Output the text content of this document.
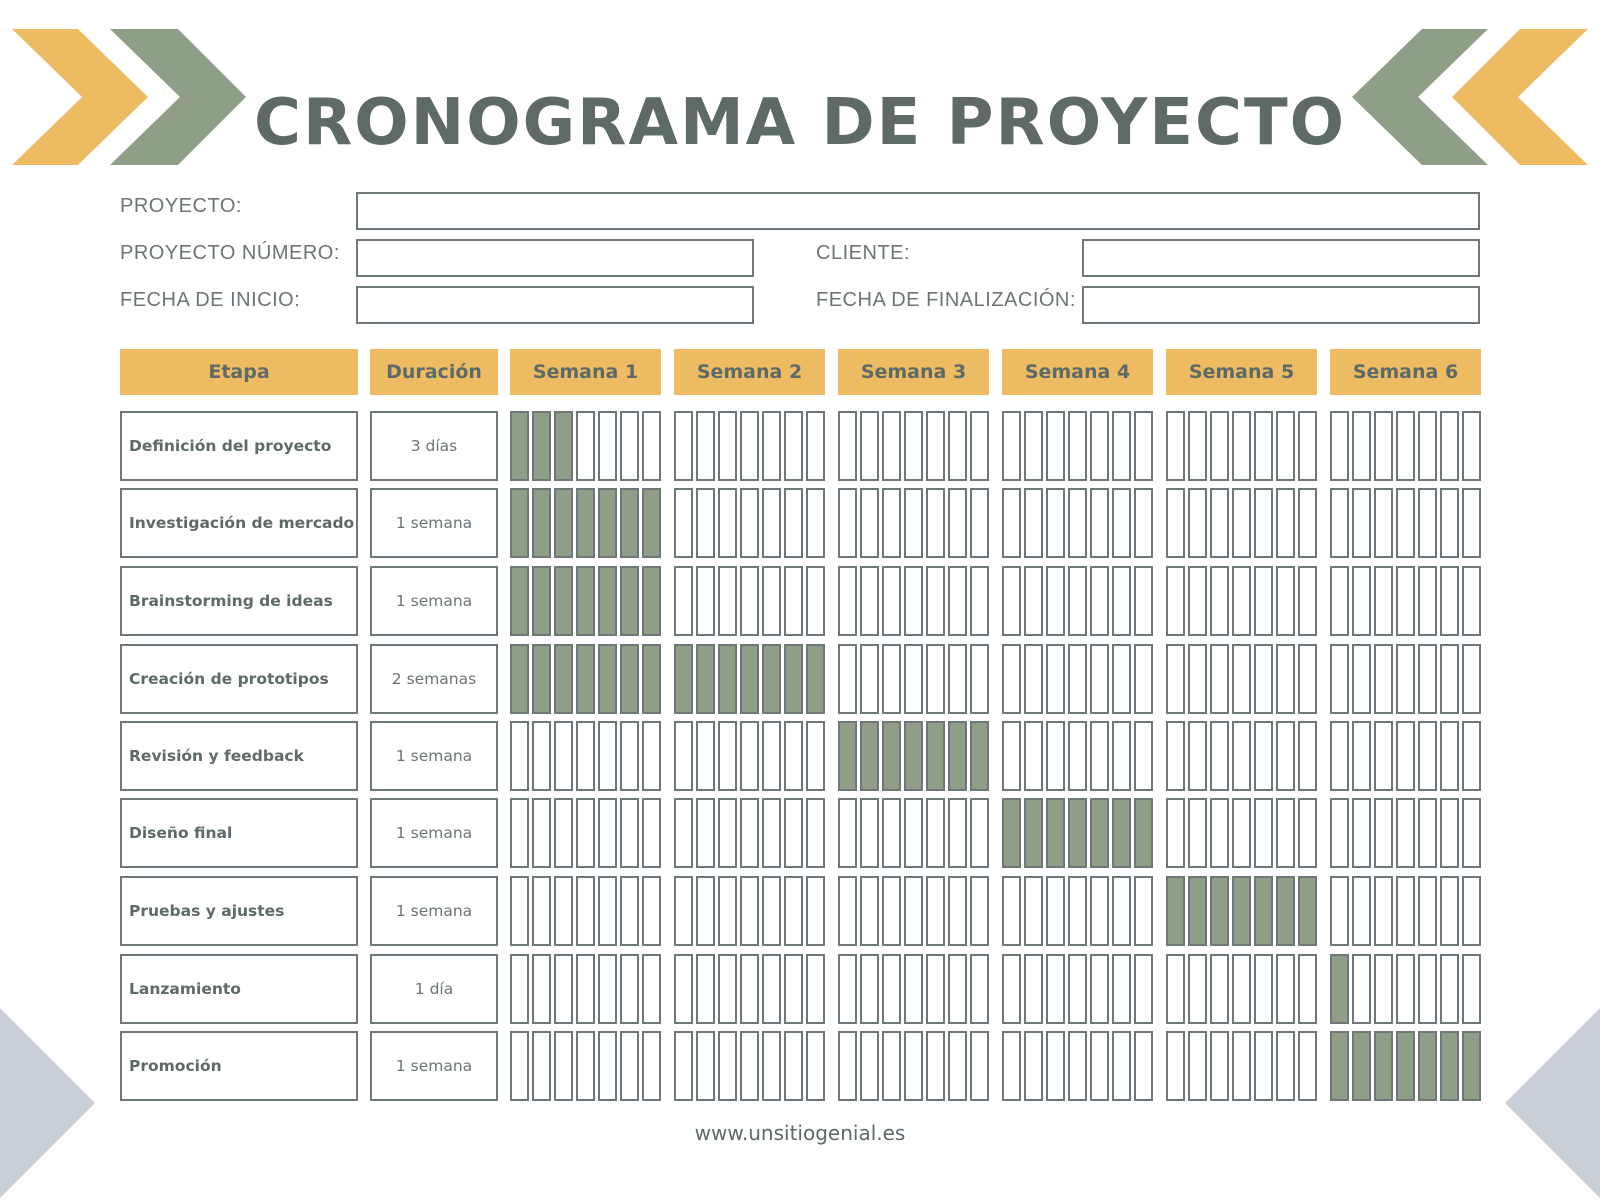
CRONOGRAMA DE PROYECTO
PROYECTO:
PROYECTO NÚMERO:	CLIENTE:
FECHA DE INICIO:	FECHA DE FINALIZACIÓN:
Etapa	Duración	Semana 1	Semana 2	Semana 3	Semana 4	Semana 5	Semana 6
Definición del proyecto	3 días
Investigación de mercado	1 semana
Brainstorming de ideas	1 semana
Creación de prototipos	2 semanas
Revisión y feedback	1 semana
Diseño final	1 semana
Pruebas y ajustes	1 semana
Lanzamiento	1 día
Promoción	1 semana
www.unsitiogenial.es
